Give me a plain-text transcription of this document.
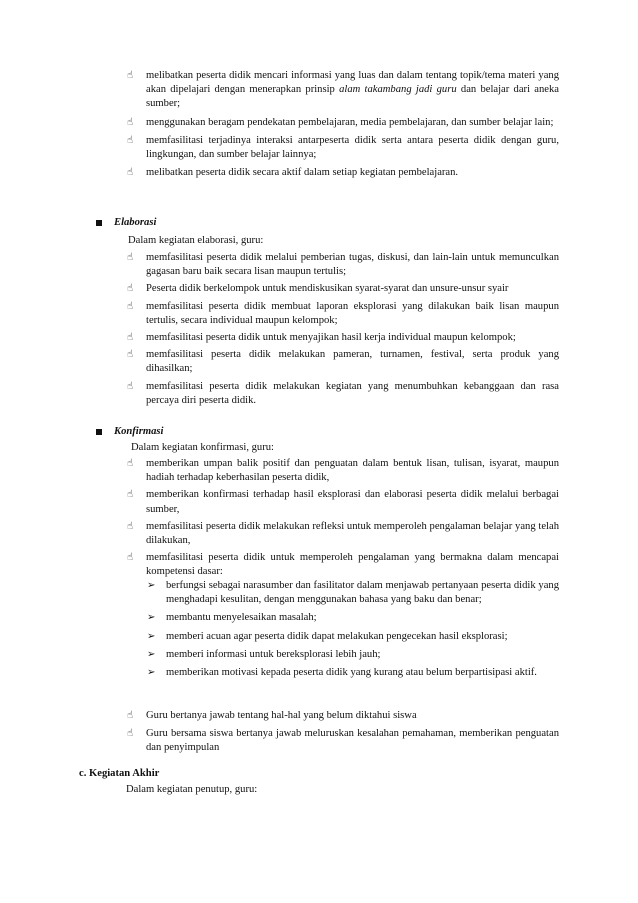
☝	melibatkan peserta didik mencari informasi yang luas dan dalam tentang topik/tema materi yang akan dipelajari dengan menerapkan prinsip alam takambang jadi guru dan belajar dari aneka sumber;
☝	menggunakan beragam pendekatan pembelajaran, media pembelajaran, dan sumber belajar lain;
☝	memfasilitasi terjadinya interaksi antarpeserta didik serta antara peserta didik dengan guru, lingkungan, dan sumber belajar lainnya;
☝	melibatkan peserta didik secara aktif dalam setiap kegiatan pembelajaran.
Elaborasi
Dalam kegiatan elaborasi, guru:
☝	memfasilitasi peserta didik melalui pemberian tugas, diskusi, dan lain-lain untuk memunculkan gagasan baru baik secara lisan maupun tertulis;
☝	Peserta didik berkelompok untuk mendiskusikan syarat-syarat dan unsure-unsur syair
☝	memfasilitasi peserta didik membuat laporan eksplorasi yang dilakukan baik lisan maupun tertulis, secara individual maupun kelompok;
☝	memfasilitasi peserta didik untuk menyajikan hasil kerja individual maupun kelompok;
☝	memfasilitasi peserta didik melakukan pameran, turnamen, festival, serta produk yang dihasilkan;
☝	memfasilitasi peserta didik melakukan kegiatan yang menumbuhkan kebanggaan dan rasa percaya diri peserta didik.
Konfirmasi
Dalam kegiatan konfirmasi, guru:
☝	memberikan umpan balik positif dan penguatan dalam bentuk lisan, tulisan, isyarat, maupun hadiah terhadap keberhasilan peserta didik,
☝	memberikan konfirmasi terhadap hasil eksplorasi dan elaborasi peserta didik melalui berbagai sumber,
☝	memfasilitasi peserta didik melakukan refleksi untuk memperoleh pengalaman belajar yang telah dilakukan,
☝	memfasilitasi peserta didik untuk memperoleh pengalaman yang bermakna dalam mencapai kompetensi dasar:
➢	berfungsi sebagai narasumber dan fasilitator dalam menjawab pertanyaan peserta didik yang menghadapi kesulitan, dengan menggunakan bahasa yang baku dan benar;
➢	membantu menyelesaikan masalah;
➢	memberi acuan agar peserta didik dapat melakukan pengecekan hasil eksplorasi;
➢	memberi informasi untuk bereksplorasi lebih jauh;
➢	memberikan motivasi kepada peserta didik yang kurang atau belum berpartisipasi aktif.
☝	Guru bertanya jawab tentang hal-hal yang belum diktahui siswa
☝	Guru bersama siswa bertanya jawab meluruskan kesalahan pemahaman, memberikan penguatan dan penyimpulan
c. Kegiatan Akhir
Dalam kegiatan penutup, guru:
